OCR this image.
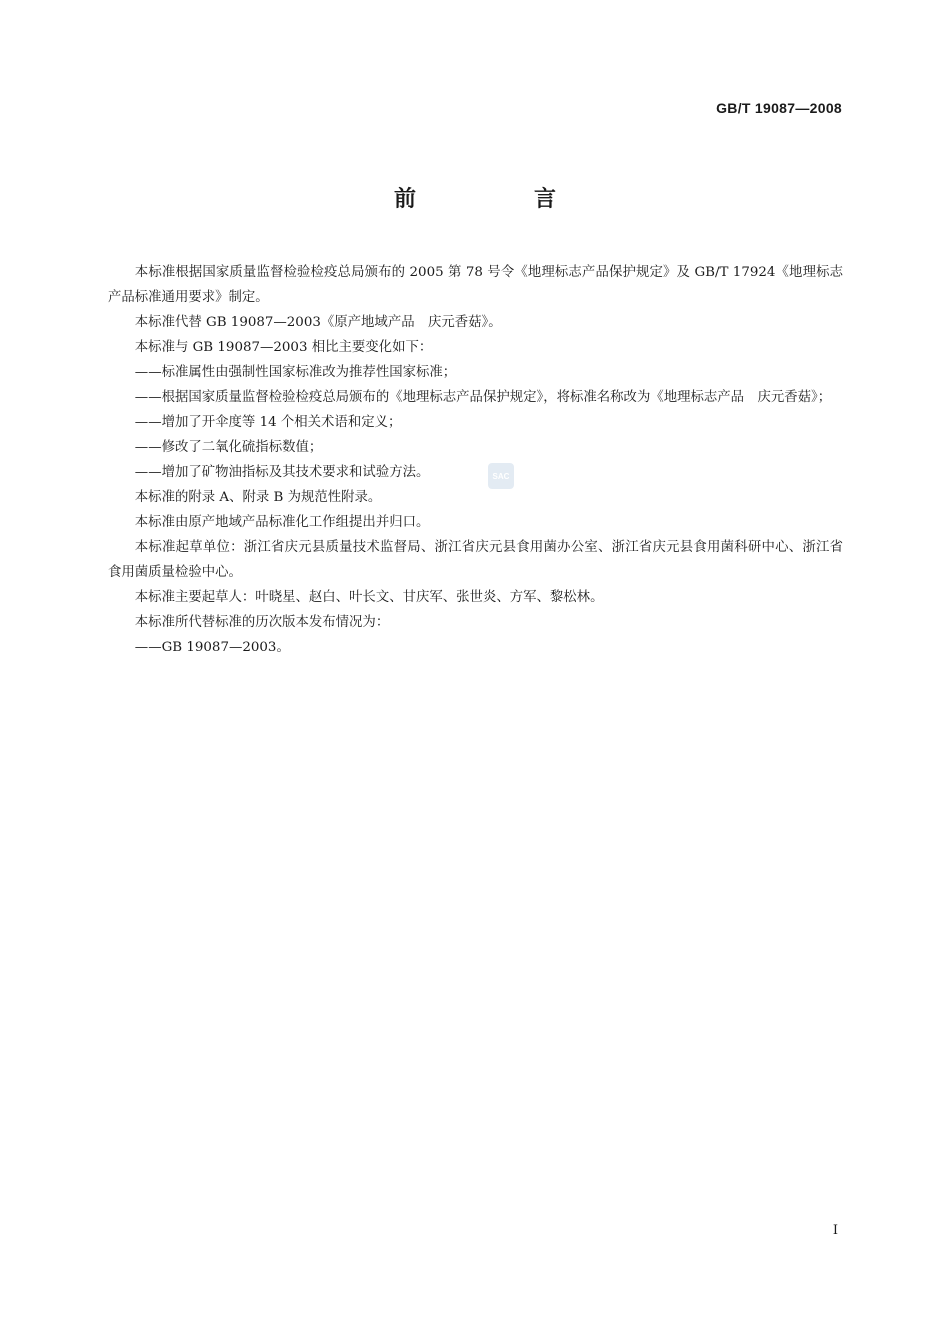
GB/T 19087—2008
前　言

本标准根据国家质量监督检验检疫总局颁布的 2005 第 78 号令《地理标志产品保护规定》及 GB/T 17924《地理标志产品标准通用要求》制定。

本标准代替 GB 19087—2003《原产地域产品　庆元香菇》。

本标准与 GB 19087—2003 相比主要变化如下：

——标准属性由强制性国家标准改为推荐性国家标准；

——根据国家质量监督检验检疫总局颁布的《地理标志产品保护规定》，将标准名称改为《地理标志产品　庆元香菇》；

——增加了开伞度等 14 个相关术语和定义；

——修改了二氧化硫指标数值；

——增加了矿物油指标及其技术要求和试验方法。

本标准的附录 A、附录 B 为规范性附录。

本标准由原产地域产品标准化工作组提出并归口。

本标准起草单位：浙江省庆元县质量技术监督局、浙江省庆元县食用菌办公室、浙江省庆元县食用菌科研中心、浙江省食用菌质量检验中心。

本标准主要起草人：叶晓星、赵白、叶长文、甘庆军、张世炎、方军、黎松林。

本标准所代替标准的历次版本发布情况为：

——GB 19087—2003。

SAC
I
